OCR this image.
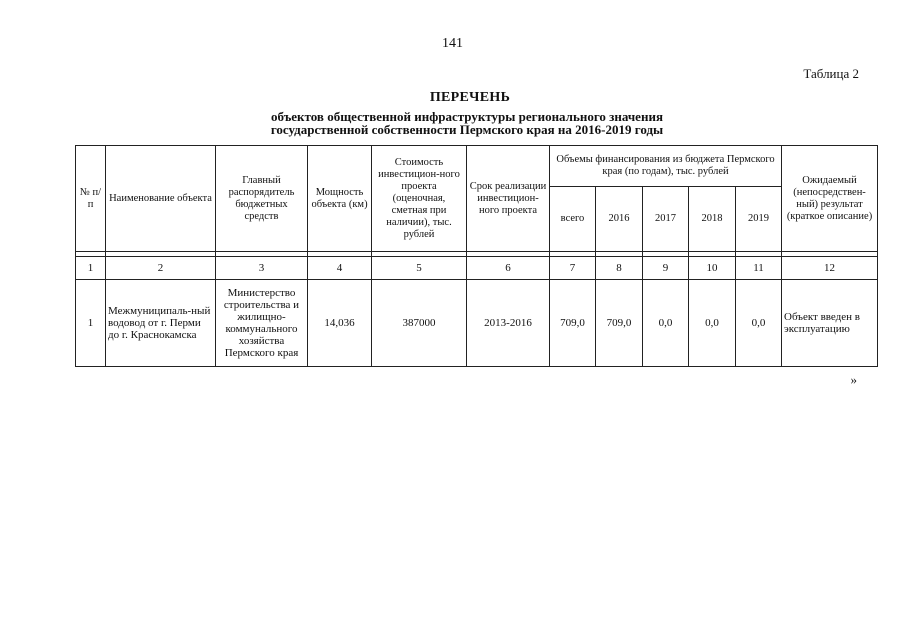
141
Таблица 2
ПЕРЕЧЕНЬ
объектов общественной инфраструктуры регионального значения
государственной собственности Пермского края на 2016-2019 годы
№ п/п	Наименование объекта	Главный распорядитель бюджетных средств	Мощность объекта (км)	Стоимость инвестицион-ного проекта (оценочная, сметная при наличии), тыс. рублей	Срок реализации инвестицион-ного проекта	Объемы финансирования из бюджета Пермского края (по годам), тыс. рублей					Ожидаемый (непосредствен-ный) результат (краткое описание)
						всего	2016	2017	2018	2019	

1	2	3	4	5	6	7	8	9	10	11	12
1	Межмуниципаль-ный водовод от г. Перми до г. Краснокамска	Министерство строительства и жилищно-коммунального хозяйства Пермского края	14,036	387000	2013-2016	709,0	709,0	0,0	0,0	0,0	Объект введен в эксплуатацию
»
